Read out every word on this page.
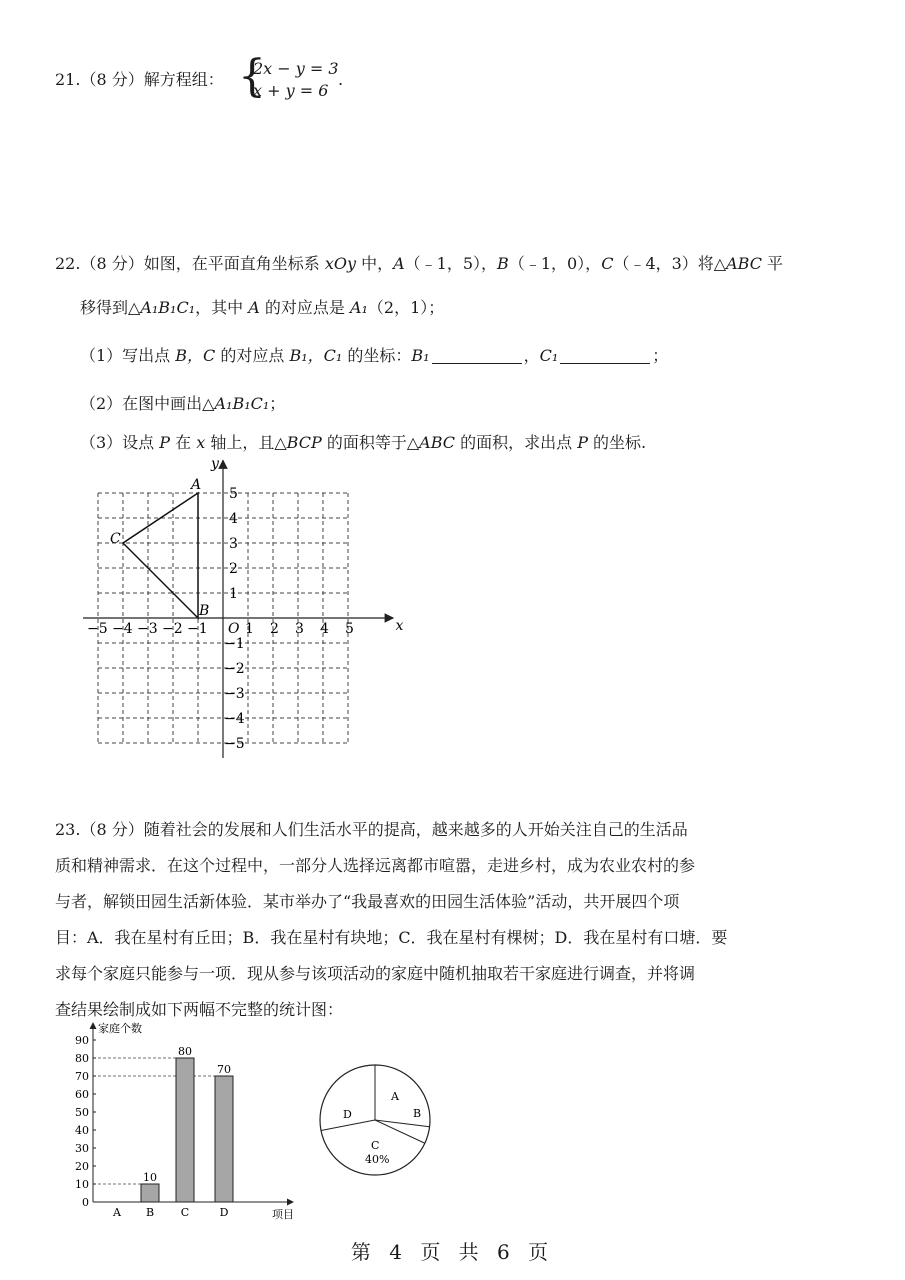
21.（8 分）解方程组： {
2x − y = 3
x + y = 6
.
22.（8 分）如图，在平面直角坐标系 xOy 中，A（﹣1，5），B（﹣1，0），C（﹣4，3）将△ABC 平
移得到△A₁B₁C₁，其中 A 的对应点是 A₁（2，1）；
（1）写出点 B，C 的对应点 B₁，C₁ 的坐标：B₁	，C₁	；
（2）在图中画出△A₁B₁C₁；
（3）设点 P 在 x 轴上，且△BCP 的面积等于△ABC 的面积，求出点 P 的坐标.
x
y
O
−5 −4 −3 −2 −1	1 2 3 4 5
5
4
3
2
1
−1
−2
−3
−4
−5
A
B
C
23.（8 分）随着社会的发展和人们生活水平的提高，越来越多的人开始关注自己的生活品
质和精神需求．在这个过程中，一部分人选择远离都市喧嚣，走进乡村，成为农业农村的参
与者，解锁田园生活新体验．某市举办了“我最喜欢的田园生活体验”活动，共开展四个项
目：A．我在星村有丘田；B．我在星村有块地；C．我在星村有棵树；D．我在星村有口塘．要
求每个家庭只能参与一项．现从参与该项活动的家庭中随机抽取若干家庭进行调查，并将调
查结果绘制成如下两幅不完整的统计图：
家庭个数
项目
0
10
20
30
40
50
60
70
80
90
A B
10
C
80
D
70
A
B
D
C
40%
第 4 页 共 6 页
